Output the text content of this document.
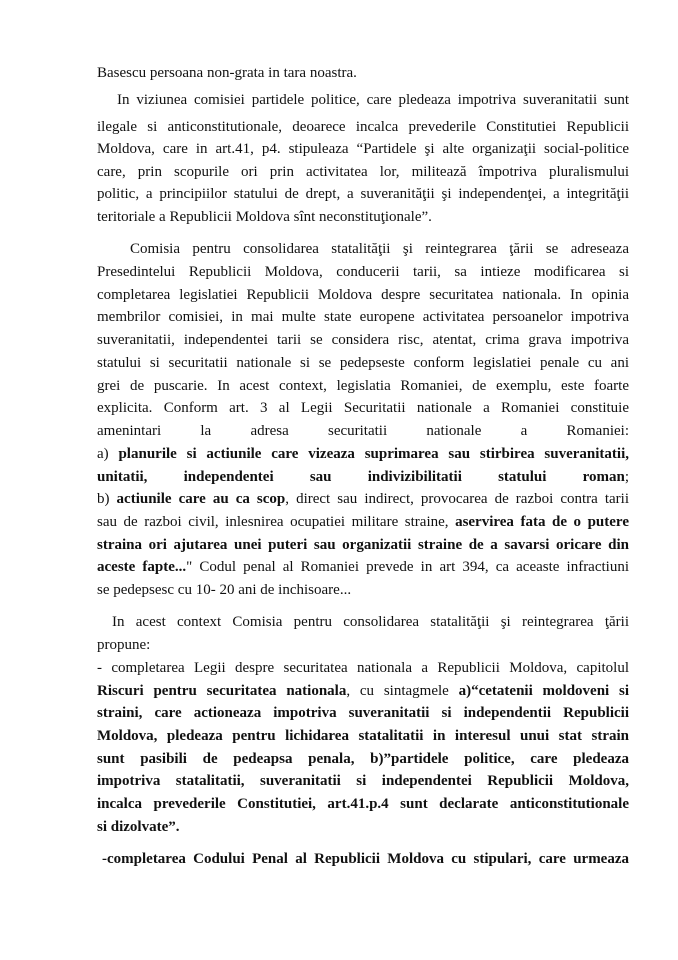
Basescu persoana non-grata in tara noastra.
In viziunea comisiei partidele politice, care pledeaza impotriva suveranitatii sunt
ilegale si anticonstitutionale, deoarece incalca prevederile Constitutiei Republicii
Moldova, care in art.41, p4. stipuleaza “Partidele şi alte organizaţii social-politice
care, prin scopurile ori prin activitatea lor, militează împotriva pluralismului
politic, a principiilor statului de drept, a suveranităţii şi independenţei, a integrităţii
teritoriale a Republicii Moldova sînt neconstituţionale”.
Comisia pentru consolidarea statalităţii şi reintegrarea ţării se adreseaza
Presedintelui Republicii Moldova, conducerii tarii, sa intieze modificarea si
completarea legislatiei Republicii Moldova despre securitatea nationala. In opinia
membrilor comisiei, in mai multe state europene activitatea persoanelor impotriva
suveranitatii, independentei tarii se considera risc, atentat, crima grava impotriva
statului si securitatii nationale si se pedepseste conform legislatiei penale cu ani
grei de puscarie. In acest context, legislatia Romaniei, de exemplu, este foarte
explicita. Conform art. 3 al Legii Securitatii nationale a Romaniei constituie
amenintari la adresa securitatii nationale a Romaniei:
a) planurile si actiunile care vizeaza suprimarea sau stirbirea suveranitatii,
unitatii, independentei sau indivizibilitatii statului roman;
b) actiunile care au ca scop, direct sau indirect, provocarea de razboi contra tarii
sau de razboi civil, inlesnirea ocupatiei militare straine, aservirea fata de o putere
straina ori ajutarea unei puteri sau organizatii straine de a savarsi oricare din
aceste fapte..." Codul penal al Romaniei prevede in art 394, ca aceaste infractiuni
se pedepsesc cu 10- 20 ani de inchisoare...
In acest context Comisia pentru consolidarea statalităţii şi reintegrarea ţării
propune:
- completarea Legii despre securitatea nationala a Republicii Moldova, capitolul
Riscuri pentru securitatea nationala, cu sintagmele a)“cetatenii moldoveni si
straini, care actioneaza impotriva suveranitatii si independentii Republicii
Moldova, pledeaza pentru lichidarea statalitatii in interesul unui stat strain
sunt pasibili de pedeapsa penala, b)”partidele politice, care pledeaza
impotriva statalitatii, suveranitatii si independentei Republicii Moldova,
incalca prevederile Constitutiei, art.41.p.4 sunt declarate anticonstitutionale
si dizolvate”.
-completarea Codului Penal al Republicii Moldova cu stipulari, care urmeaza
